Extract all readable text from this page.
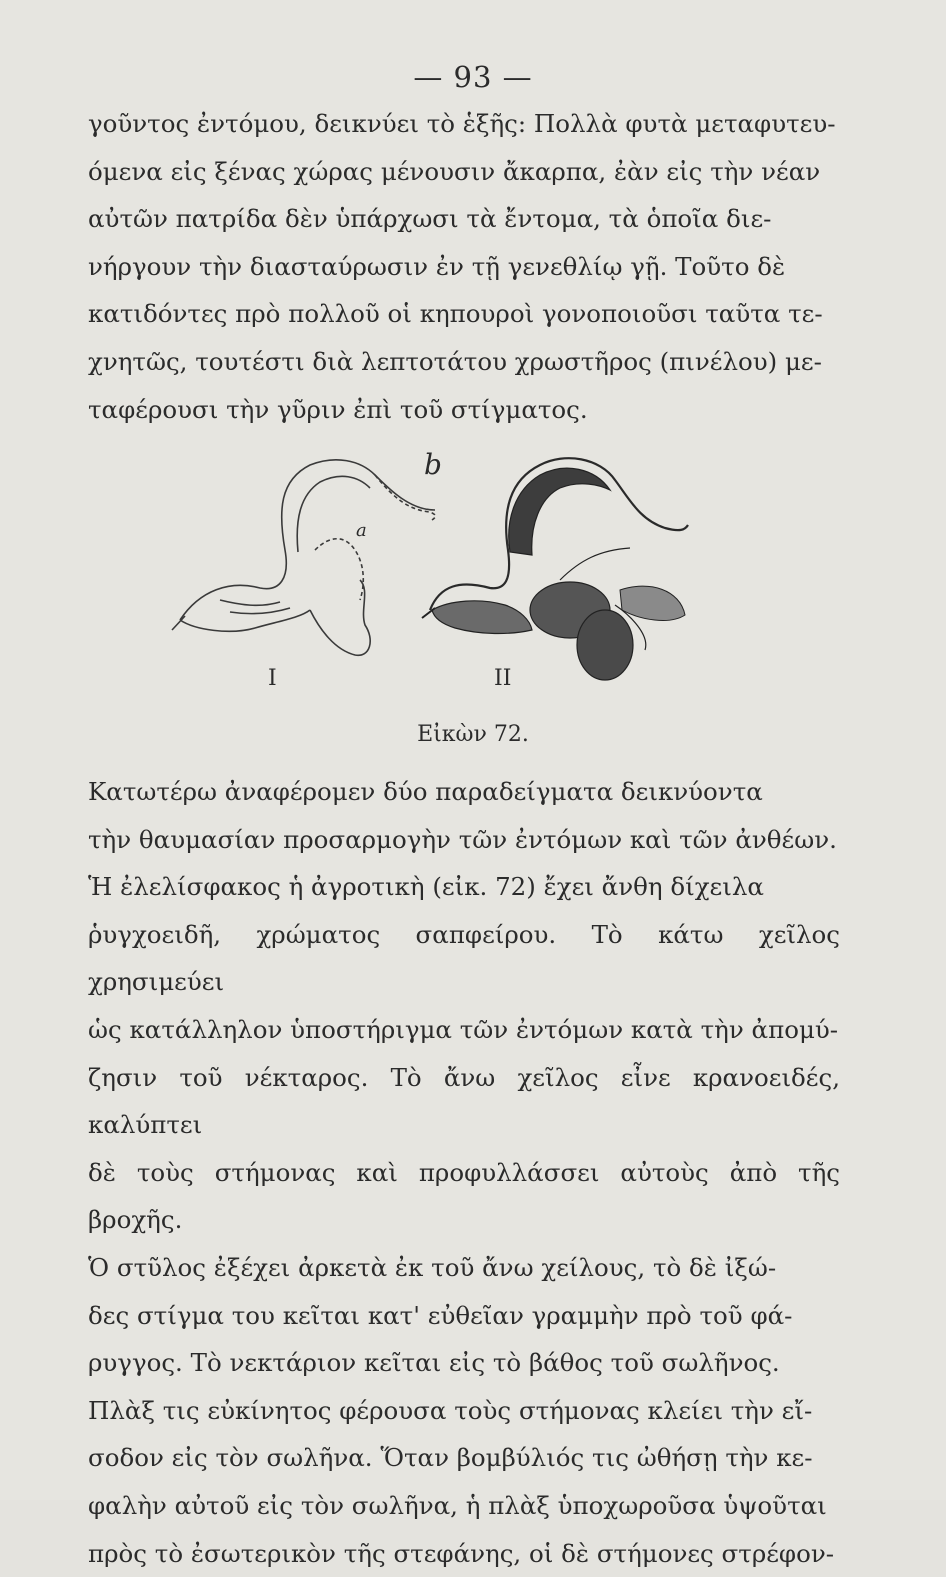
— 93 —

γοῦντος ἐντόμου, δεικνύει τὸ ἑξῆς: Πολλὰ φυτὰ μεταφυτευ-

όμενα εἰς ξένας χώρας μένουσιν ἄκαρπα, ἐὰν εἰς τὴν νέαν

αὐτῶν πατρίδα δὲν ὑπάρχωσι τὰ ἔντομα, τὰ ὁποῖα διε-

νήργουν τὴν διασταύρωσιν ἐν τῇ γενεθλίῳ γῇ. Τοῦτο δὲ

κατιδόντες πρὸ πολλοῦ οἱ κηπουροὶ γονοποιοῦσι ταῦτα τε-

χνητῶς, τουτέστι διὰ λεπτοτάτου χρωστῆρος (πινέλου) με-

ταφέρουσι τὴν γῦριν ἐπὶ τοῦ στίγματος.

b
a
I	II
Εἰκὼν 72.

Κατωτέρω ἀναφέρομεν δύο παραδείγματα δεικνύοντα

τὴν θαυμασίαν προσαρμογὴν τῶν ἐντόμων καὶ τῶν ἀνθέων.

Ἡ ἐλελίσφακος ἡ ἀγροτικὴ (εἰκ. 72) ἔχει ἄνθη δίχειλα

ῥυγχοειδῆ, χρώματος σαπφείρου. Τὸ κάτω χεῖλος χρησιμεύει

ὡς κατάλληλον ὑποστήριγμα τῶν ἐντόμων κατὰ τὴν ἀπομύ-

ζησιν τοῦ νέκταρος. Τὸ ἄνω χεῖλος εἶνε κρανοειδές, καλύπτει

δὲ τοὺς στήμονας καὶ προφυλλάσσει αὐτοὺς ἀπὸ τῆς βροχῆς.

Ὁ στῦλος ἐξέχει ἀρκετὰ ἐκ τοῦ ἄνω χείλους, τὸ δὲ ἰξώ-

δες στίγμα του κεῖται κατ' εὐθεῖαν γραμμὴν πρὸ τοῦ φά-

ρυγγος. Τὸ νεκτάριον κεῖται εἰς τὸ βάθος τοῦ σωλῆνος.

Πλὰξ τις εὐκίνητος φέρουσα τοὺς στήμονας κλείει τὴν εἴ-

σοδον εἰς τὸν σωλῆνα. Ὅταν βομβύλιός τις ὠθήσῃ τὴν κε-

φαλὴν αὐτοῦ εἰς τὸν σωλῆνα, ἡ πλὰξ ὑποχωροῦσα ὑψοῦται

πρὸς τὸ ἐσωτερικὸν τῆς στεφάνης, οἱ δὲ στήμονες στρέφον-
